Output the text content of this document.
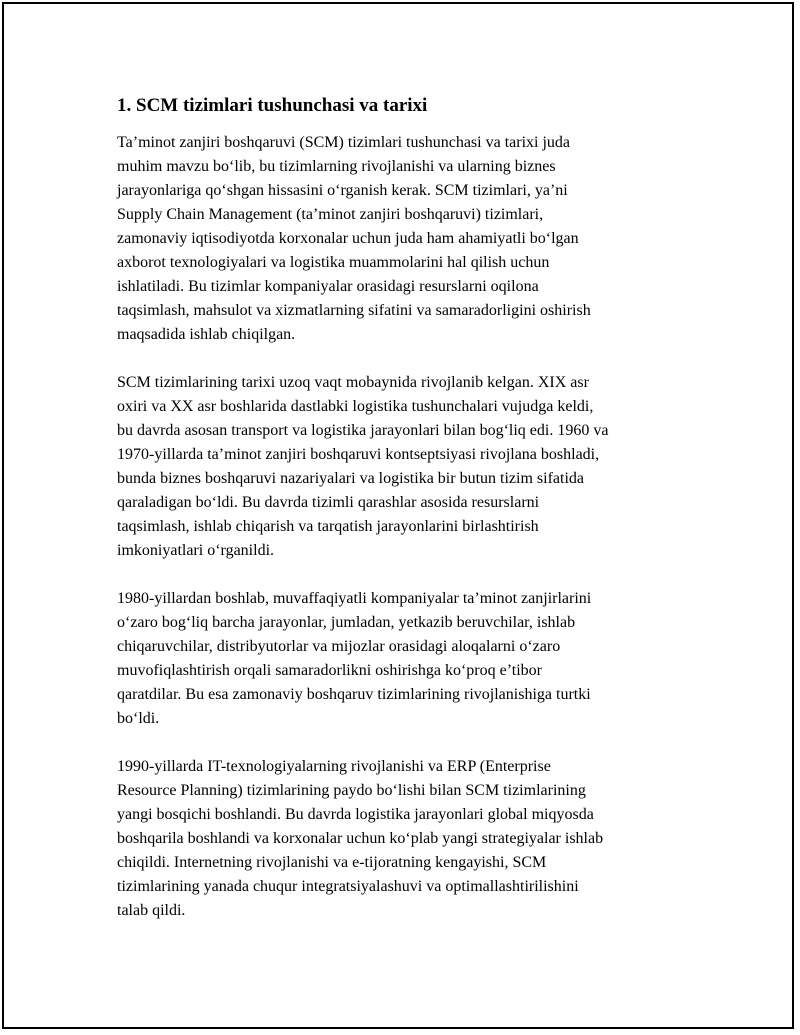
1. SCM tizimlari tushunchasi va tarixi

Ta’minot zanjiri boshqaruvi (SCM) tizimlari tushunchasi va tarixi juda
muhim mavzu bo‘lib, bu tizimlarning rivojlanishi va ularning biznes
jarayonlariga qo‘shgan hissasini o‘rganish kerak. SCM tizimlari, ya’ni
Supply Chain Management (ta’minot zanjiri boshqaruvi) tizimlari,
zamonaviy iqtisodiyotda korxonalar uchun juda ham ahamiyatli bo‘lgan
axborot texnologiyalari va logistika muammolarini hal qilish uchun
ishlatiladi. Bu tizimlar kompaniyalar orasidagi resurslarni oqilona
taqsimlash, mahsulot va xizmatlarning sifatini va samaradorligini oshirish
maqsadida ishlab chiqilgan.

SCM tizimlarining tarixi uzoq vaqt mobaynida rivojlanib kelgan. XIX asr
oxiri va XX asr boshlarida dastlabki logistika tushunchalari vujudga keldi,
bu davrda asosan transport va logistika jarayonlari bilan bog‘liq edi. 1960 va
1970-yillarda ta’minot zanjiri boshqaruvi kontseptsiyasi rivojlana boshladi,
bunda biznes boshqaruvi nazariyalari va logistika bir butun tizim sifatida
qaraladigan bo‘ldi. Bu davrda tizimli qarashlar asosida resurslarni
taqsimlash, ishlab chiqarish va tarqatish jarayonlarini birlashtirish
imkoniyatlari o‘rganildi.

1980-yillardan boshlab, muvaffaqiyatli kompaniyalar ta’minot zanjirlarini
o‘zaro bog‘liq barcha jarayonlar, jumladan, yetkazib beruvchilar, ishlab
chiqaruvchilar, distribyutorlar va mijozlar orasidagi aloqalarni o‘zaro
muvofiqlashtirish orqali samaradorlikni oshirishga ko‘proq e’tibor
qaratdilar. Bu esa zamonaviy boshqaruv tizimlarining rivojlanishiga turtki
bo‘ldi.

1990-yillarda IT-texnologiyalarning rivojlanishi va ERP (Enterprise
Resource Planning) tizimlarining paydo bo‘lishi bilan SCM tizimlarining
yangi bosqichi boshlandi. Bu davrda logistika jarayonlari global miqyosda
boshqarila boshlandi va korxonalar uchun ko‘plab yangi strategiyalar ishlab
chiqildi. Internetning rivojlanishi va e-tijoratning kengayishi, SCM
tizimlarining yanada chuqur integratsiyalashuvi va optimallashtirilishini
talab qildi.
